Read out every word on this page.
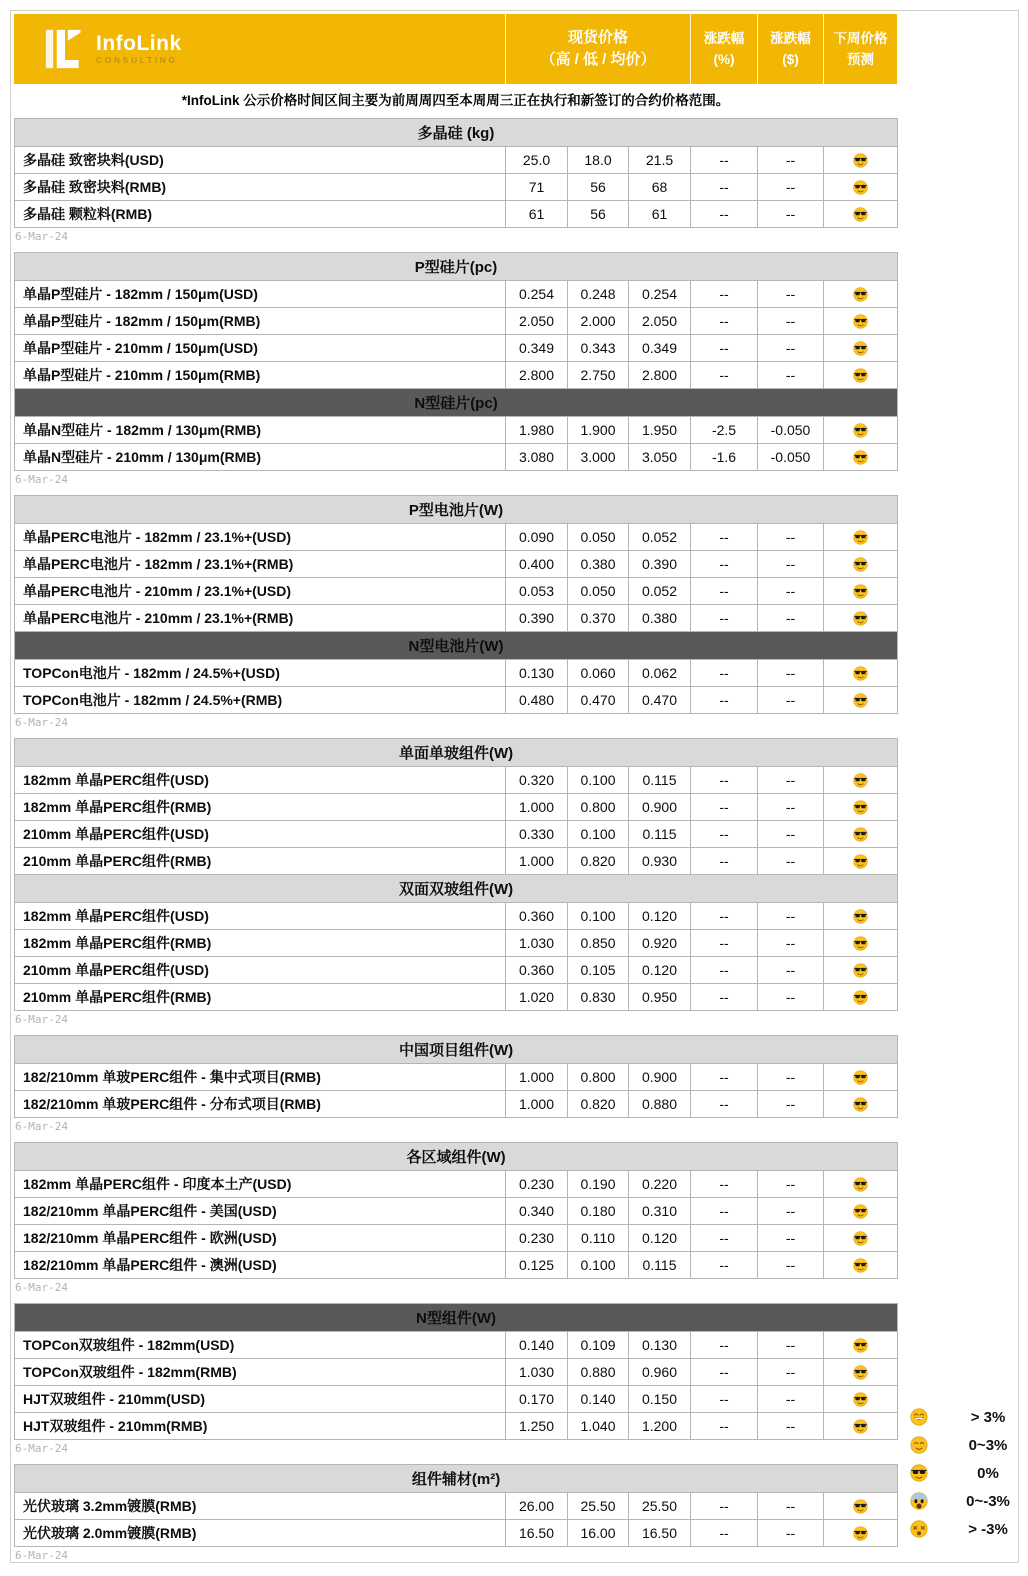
InfoLink
CONSULTING
现货价格
（高 / 低 / 均价）
涨跌幅
(%)
涨跌幅
($)
下周价格
预测
*InfoLink 公示价格时间区间主要为前周周四至本周周三正在执行和新签订的合约价格范围。
多晶硅 (kg)						
多晶硅 致密块料(USD)	25.0	18.0	21.5	--	--	
多晶硅 致密块料(RMB)	71	56	68	--	--	
多晶硅 颗粒料(RMB)	61	56	61	--	--	
6-Mar-24
P型硅片(pc)						
单晶P型硅片 - 182mm / 150μm(USD)	0.254	0.248	0.254	--	--	
单晶P型硅片 - 182mm / 150μm(RMB)	2.050	2.000	2.050	--	--	
单晶P型硅片 - 210mm / 150μm(USD)	0.349	0.343	0.349	--	--	
单晶P型硅片 - 210mm / 150μm(RMB)	2.800	2.750	2.800	--	--	
N型硅片(pc)						
单晶N型硅片 - 182mm / 130μm(RMB)	1.980	1.900	1.950	-2.5	-0.050	
单晶N型硅片 - 210mm / 130μm(RMB)	3.080	3.000	3.050	-1.6	-0.050	
6-Mar-24
P型电池片(W)						
单晶PERC电池片 - 182mm / 23.1%+(USD)	0.090	0.050	0.052	--	--	
单晶PERC电池片 - 182mm / 23.1%+(RMB)	0.400	0.380	0.390	--	--	
单晶PERC电池片 - 210mm / 23.1%+(USD)	0.053	0.050	0.052	--	--	
单晶PERC电池片 - 210mm / 23.1%+(RMB)	0.390	0.370	0.380	--	--	
N型电池片(W)						
TOPCon电池片 - 182mm / 24.5%+(USD)	0.130	0.060	0.062	--	--	
TOPCon电池片 - 182mm / 24.5%+(RMB)	0.480	0.470	0.470	--	--	
6-Mar-24
单面单玻组件(W)						
182mm 单晶PERC组件(USD)	0.320	0.100	0.115	--	--	
182mm 单晶PERC组件(RMB)	1.000	0.800	0.900	--	--	
210mm 单晶PERC组件(USD)	0.330	0.100	0.115	--	--	
210mm 单晶PERC组件(RMB)	1.000	0.820	0.930	--	--	
双面双玻组件(W)						
182mm 单晶PERC组件(USD)	0.360	0.100	0.120	--	--	
182mm 单晶PERC组件(RMB)	1.030	0.850	0.920	--	--	
210mm 单晶PERC组件(USD)	0.360	0.105	0.120	--	--	
210mm 单晶PERC组件(RMB)	1.020	0.830	0.950	--	--	
6-Mar-24
中国项目组件(W)						
182/210mm 单玻PERC组件 - 集中式项目(RMB)	1.000	0.800	0.900	--	--	
182/210mm 单玻PERC组件 - 分布式项目(RMB)	1.000	0.820	0.880	--	--	
6-Mar-24
各区域组件(W)						
182mm 单晶PERC组件 - 印度本土产(USD)	0.230	0.190	0.220	--	--	
182/210mm 单晶PERC组件 - 美国(USD)	0.340	0.180	0.310	--	--	
182/210mm 单晶PERC组件 - 欧洲(USD)	0.230	0.110	0.120	--	--	
182/210mm 单晶PERC组件 - 澳洲(USD)	0.125	0.100	0.115	--	--	
6-Mar-24
N型组件(W)						
TOPCon双玻组件 - 182mm(USD)	0.140	0.109	0.130	--	--	
TOPCon双玻组件 - 182mm(RMB)	1.030	0.880	0.960	--	--	
HJT双玻组件 - 210mm(USD)	0.170	0.140	0.150	--	--	
HJT双玻组件 - 210mm(RMB)	1.250	1.040	1.200	--	--	
6-Mar-24
组件辅材(m²)						
光伏玻璃 3.2mm镀膜(RMB)	26.00	25.50	25.50	--	--	
光伏玻璃 2.0mm镀膜(RMB)	16.50	16.00	16.50	--	--	
6-Mar-24
> 3%
0~3%
0%
0~-3%
> -3%
